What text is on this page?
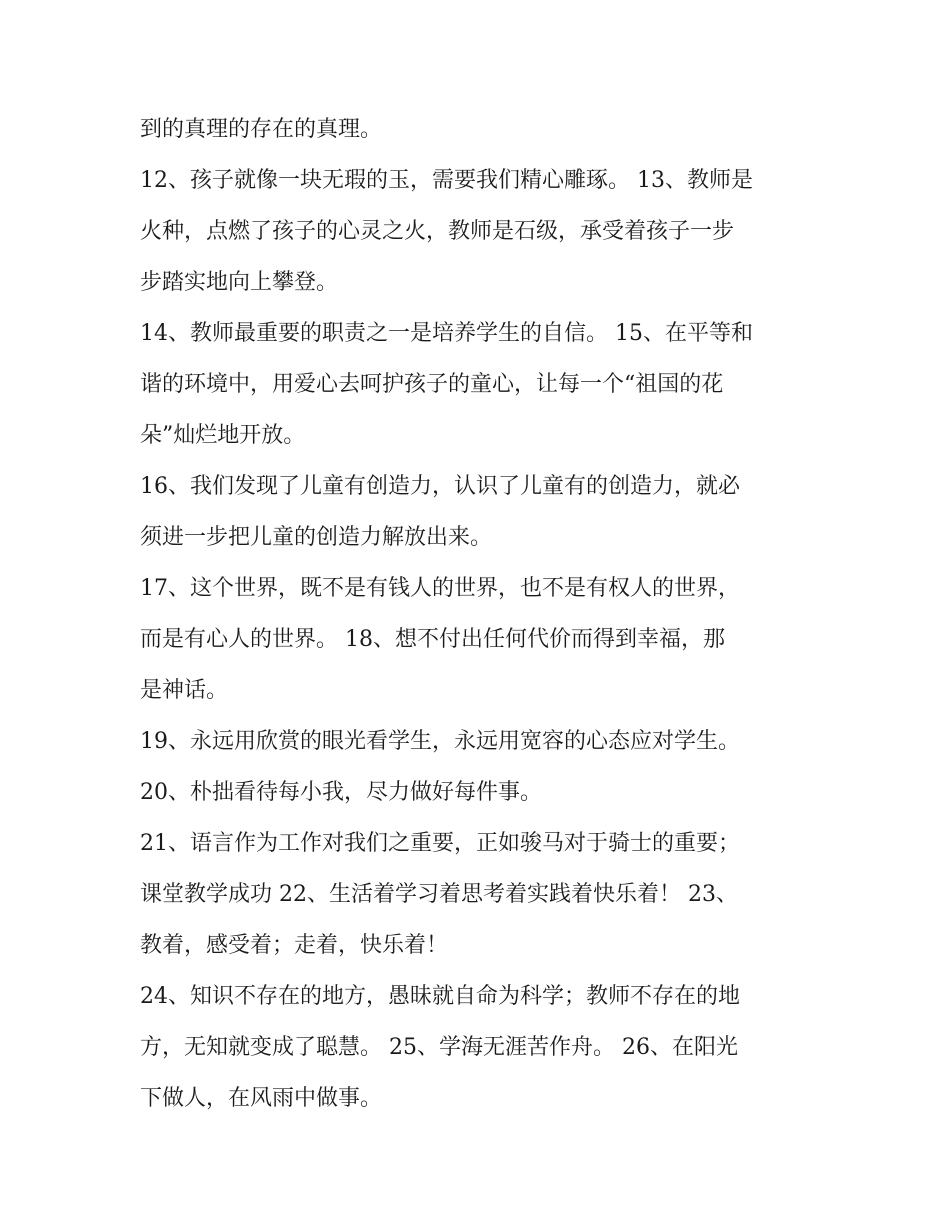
到的真理的存在的真理。
12、孩子就像一块无瑕的玉，需要我们精心雕琢。 13、教师是
火种，点燃了孩子的心灵之火，教师是石级，承受着孩子一步
步踏实地向上攀登。
14、教师最重要的职责之一是培养学生的自信。 15、在平等和
谐的环境中，用爱心去呵护孩子的童心，让每一个“祖国的花
朵”灿烂地开放。
16、我们发现了儿童有创造力，认识了儿童有的创造力，就必
须进一步把儿童的创造力解放出来。
17、这个世界，既不是有钱人的世界，也不是有权人的世界，
而是有心人的世界。 18、想不付出任何代价而得到幸福，那
是神话。
19、永远用欣赏的眼光看学生，永远用宽容的心态应对学生。
20、朴拙看待每小我，尽力做好每件事。
21、语言作为工作对我们之重要，正如骏马对于骑士的重要；
课堂教学成功 22、生活着学习着思考着实践着快乐着！ 23、
教着，感受着；走着，快乐着！
24、知识不存在的地方，愚昧就自命为科学；教师不存在的地
方，无知就变成了聪慧。 25、学海无涯苦作舟。 26、在阳光
下做人，在风雨中做事。
